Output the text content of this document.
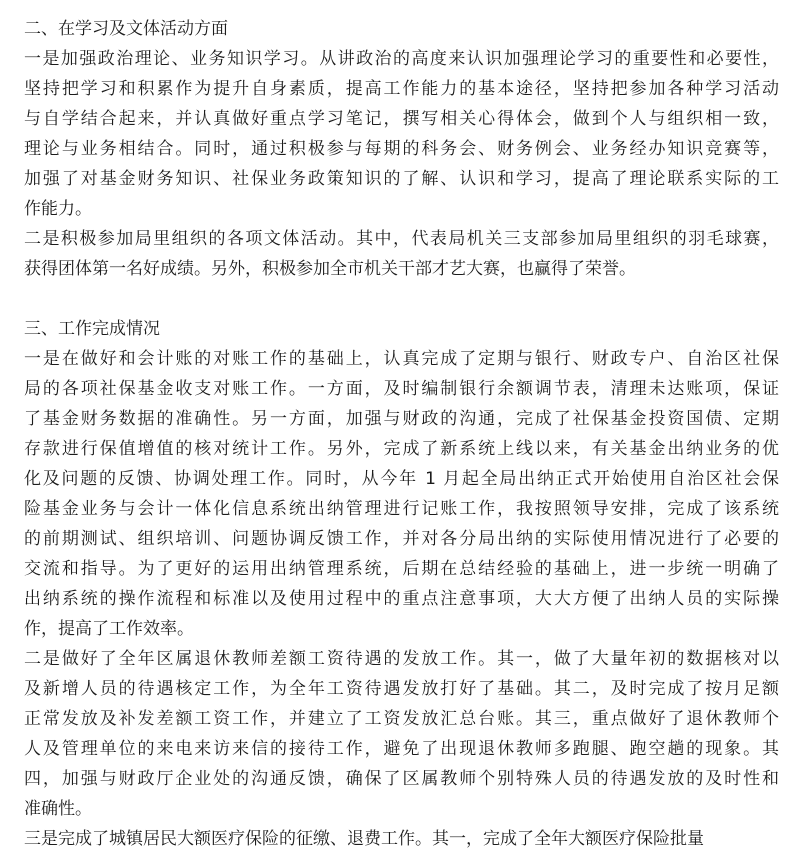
二、在学习及文体活动方面
一是加强政治理论、业务知识学习。从讲政治的高度来认识加强理论学习的重要性和必要性，
坚持把学习和积累作为提升自身素质，提高工作能力的基本途径，坚持把参加各种学习活动
与自学结合起来，并认真做好重点学习笔记，撰写相关心得体会，做到个人与组织相一致，
理论与业务相结合。同时，通过积极参与每期的科务会、财务例会、业务经办知识竞赛等，
加强了对基金财务知识、社保业务政策知识的了解、认识和学习，提高了理论联系实际的工
作能力。
二是积极参加局里组织的各项文体活动。其中，代表局机关三支部参加局里组织的羽毛球赛，
获得团体第一名好成绩。另外，积极参加全市机关干部才艺大赛，也赢得了荣誉。
三、工作完成情况
一是在做好和会计账的对账工作的基础上，认真完成了定期与银行、财政专户、自治区社保
局的各项社保基金收支对账工作。一方面，及时编制银行余额调节表，清理未达账项，保证
了基金财务数据的准确性。另一方面，加强与财政的沟通，完成了社保基金投资国债、定期
存款进行保值增值的核对统计工作。另外，完成了新系统上线以来，有关基金出纳业务的优
化及问题的反馈、协调处理工作。同时，从今年 1 月起全局出纳正式开始使用自治区社会保
险基金业务与会计一体化信息系统出纳管理进行记账工作，我按照领导安排，完成了该系统
的前期测试、组织培训、问题协调反馈工作，并对各分局出纳的实际使用情况进行了必要的
交流和指导。为了更好的运用出纳管理系统，后期在总结经验的基础上，进一步统一明确了
出纳系统的操作流程和标准以及使用过程中的重点注意事项，大大方便了出纳人员的实际操
作，提高了工作效率。
二是做好了全年区属退休教师差额工资待遇的发放工作。其一，做了大量年初的数据核对以
及新增人员的待遇核定工作，为全年工资待遇发放打好了基础。其二，及时完成了按月足额
正常发放及补发差额工资工作，并建立了工资发放汇总台账。其三，重点做好了退休教师个
人及管理单位的来电来访来信的接待工作，避免了出现退休教师多跑腿、跑空趟的现象。其
四，加强与财政厅企业处的沟通反馈，确保了区属教师个别特殊人员的待遇发放的及时性和
准确性。
三是完成了城镇居民大额医疗保险的征缴、退费工作。其一，完成了全年大额医疗保险批量
